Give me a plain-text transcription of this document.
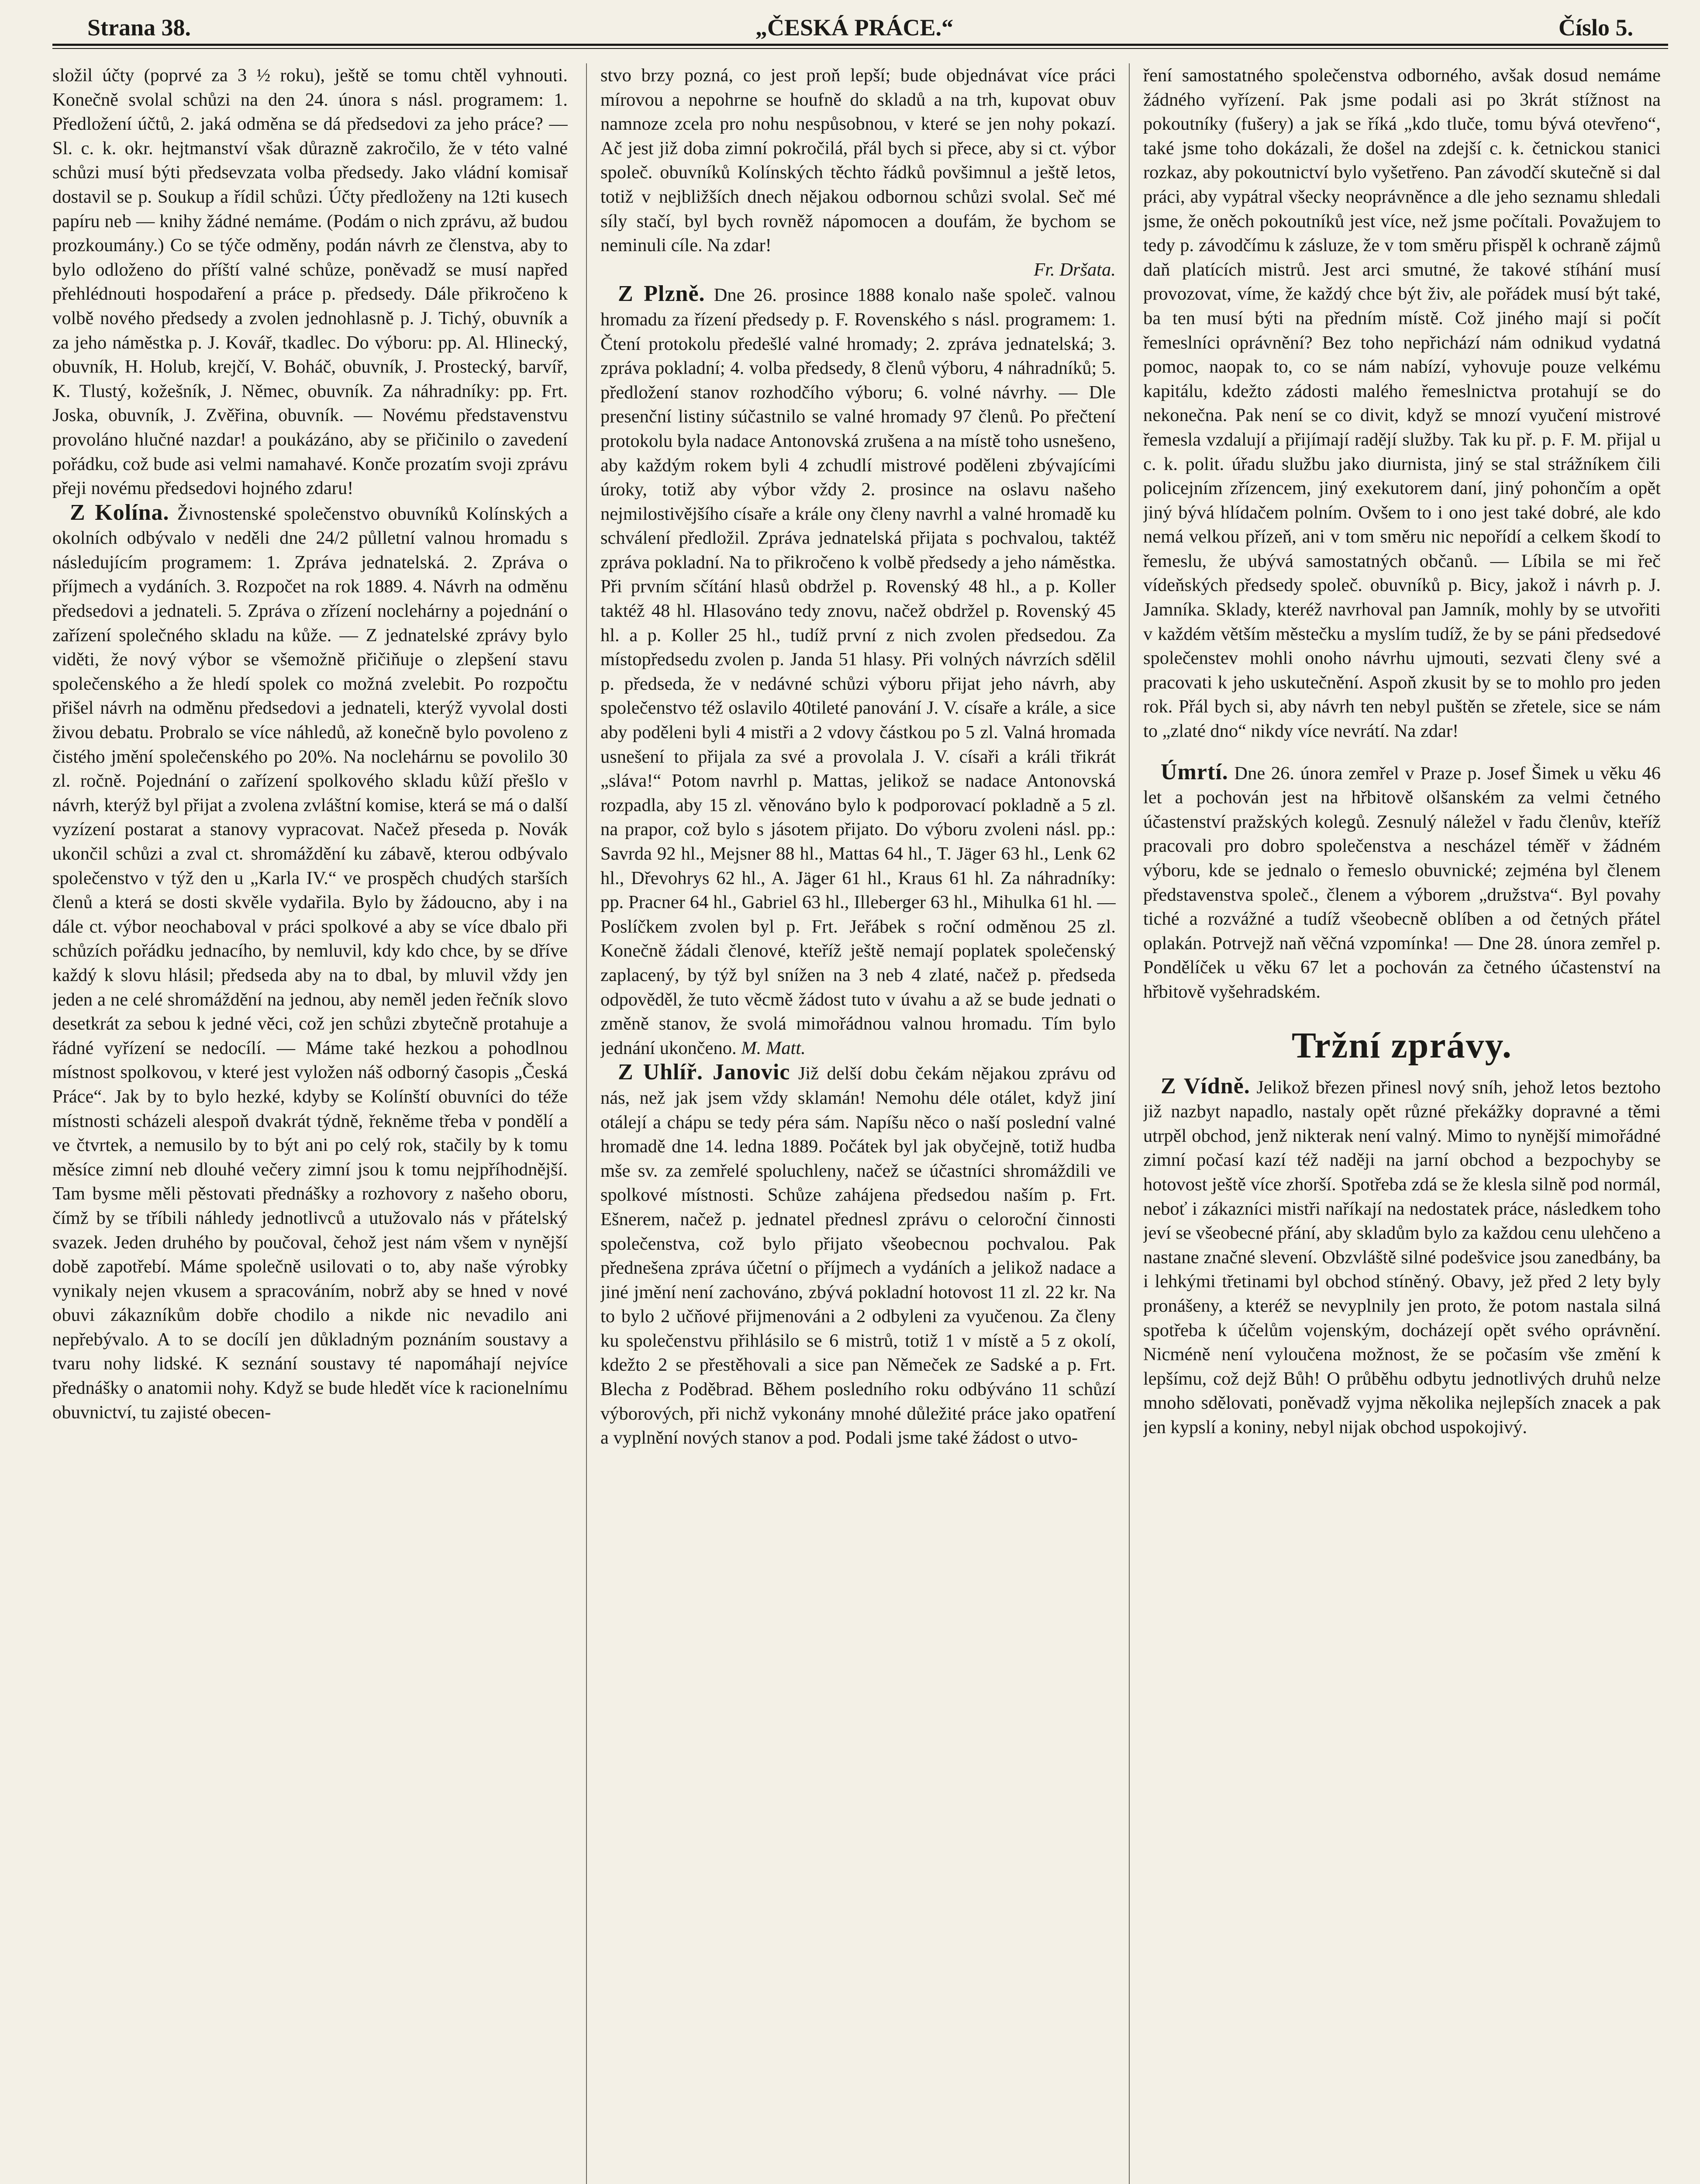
Strana 38.	„ČESKÁ PRÁCE.“	Číslo 5.

složil účty (poprvé za 3 ½ roku), ještě se tomu chtěl vyhnouti. Konečně svolal schůzi na den 24. února s násl. programem: 1. Předložení účtů, 2. jaká odměna se dá předsedovi za jeho práce? — Sl. c. k. okr. hejtmanství však důrazně zakročilo, že v této valné schůzi musí býti předsevzata volba předsedy. Jako vládní komisař dostavil se p. Soukup a řídil schůzi. Účty předloženy na 12ti kusech papíru neb — knihy žádné nemáme. (Podám o nich zprávu, až budou prozkoumány.) Co se týče odměny, podán návrh ze členstva, aby to bylo odloženo do příští valné schůze, poněvadž se musí napřed přehlédnouti hospodaření a práce p. předsedy. Dále přikročeno k volbě nového předsedy a zvolen jednohlasně p. J. Tichý, obuvník a za jeho náměstka p. J. Kovář, tkadlec. Do výboru: pp. Al. Hlinecký, obuvník, H. Holub, krejčí, V. Boháč, obuvník, J. Prostecký, barvíř, K. Tlustý, kožešník, J. Němec, obuvník. Za náhradníky: pp. Frt. Joska, obuvník, J. Zvěřina, obuvník. — Novému představenstvu provoláno hlučné nazdar! a poukázáno, aby se přičinilo o zavedení pořádku, což bude asi velmi namahavé. Konče prozatím svoji zprávu přeji novému předsedovi hojného zdaru!

Z Kolína. Živnostenské společenstvo obuvníků Kolínských a okolních odbývalo v neděli dne 24/2 půlletní valnou hromadu s následujícím programem: 1. Zpráva jednatelská. 2. Zpráva o příjmech a vydáních. 3. Rozpočet na rok 1889. 4. Návrh na odměnu předsedovi a jednateli. 5. Zpráva o zřízení noclehárny a pojednání o zařízení společného skladu na kůže. — Z jednatelské zprávy bylo viděti, že nový výbor se všemožně přičiňuje o zlepšení stavu společenského a že hledí spolek co možná zvelebit. Po rozpočtu přišel návrh na odměnu předsedovi a jednateli, kterýž vyvolal dosti živou debatu. Probralo se více náhledů, až konečně bylo povoleno z čistého jmění společenského po 20%. Na noclehárnu se povolilo 30 zl. ročně. Pojednání o zařízení spolkového skladu kůží přešlo v návrh, kterýž byl přijat a zvolena zvláštní komise, která se má o další vyzízení postarat a stanovy vypracovat. Načež přeseda p. Novák ukončil schůzi a zval ct. shromáždění ku zábavě, kterou odbývalo společenstvo v týž den u „Karla IV.“ ve prospěch chudých starších členů a která se dosti skvěle vydařila. Bylo by žádoucno, aby i na dále ct. výbor neochaboval v práci spolkové a aby se více dbalo při schůzích pořádku jednacího, by nemluvil, kdy kdo chce, by se dříve každý k slovu hlásil; předseda aby na to dbal, by mluvil vždy jen jeden a ne celé shromáždění na jednou, aby neměl jeden řečník slovo desetkrát za sebou k jedné věci, což jen schůzi zbytečně protahuje a řádné vyřízení se nedocílí. — Máme také hezkou a pohodlnou místnost spolkovou, v které jest vyložen náš odborný časopis „Česká Práce“. Jak by to bylo hezké, kdyby se Kolínští obuvníci do téže místnosti scházeli alespoň dvakrát týdně, řekněme třeba v pondělí a ve čtvrtek, a nemusilo by to být ani po celý rok, stačily by k tomu měsíce zimní neb dlouhé večery zimní jsou k tomu nejpříhodnější. Tam bysme měli pěstovati přednášky a rozhovory z našeho oboru, čímž by se tříbili náhledy jednotlivců a utužovalo nás v přátelský svazek. Jeden druhého by poučoval, čehož jest nám všem v nynější době zapotřebí. Máme společně usilovati o to, aby naše výrobky vynikaly nejen vkusem a spracováním, nobrž aby se hned v nové obuvi zákazníkům dobře chodilo a nikde nic nevadilo ani nepřebývalo. A to se docílí jen důkladným poznáním soustavy a tvaru nohy lidské. K seznání soustavy té napomáhají nejvíce přednášky o anatomii nohy. Když se bude hledět více k racionelnímu obuvnictví, tu zajisté obecen-

stvo brzy pozná, co jest proň lepší; bude objednávat více práci mírovou a nepohrne se houfně do skladů a na trh, kupovat obuv namnoze zcela pro nohu nespůsobnou, v které se jen nohy pokazí. Ač jest již doba zimní pokročilá, přál bych si přece, aby si ct. výbor společ. obuvníků Kolínských těchto řádků povšimnul a ještě letos, totiž v nejbližších dnech nějakou odbornou schůzi svolal. Seč mé síly stačí, byl bych rovněž nápomocen a doufám, že bychom se neminuli cíle. Na zdar!

Fr. Dršata.

Z Plzně. Dne 26. prosince 1888 konalo naše společ. valnou hromadu za řízení předsedy p. F. Rovenského s násl. programem: 1. Čtení protokolu předešlé valné hromady; 2. zpráva jednatelská; 3. zpráva pokladní; 4. volba předsedy, 8 členů výboru, 4 náhradníků; 5. předložení stanov rozhodčího výboru; 6. volné návrhy. — Dle presenční listiny súčastnilo se valné hromady 97 členů. Po přečtení protokolu byla nadace Antonovská zrušena a na místě toho usnešeno, aby každým rokem byli 4 zchudlí mistrové poděleni zbývajícími úroky, totiž aby výbor vždy 2. prosince na oslavu našeho nejmilostivějšího císaře a krále ony členy navrhl a valné hromadě ku schválení předložil. Zpráva jednatelská přijata s pochvalou, taktéž zpráva pokladní. Na to přikročeno k volbě předsedy a jeho náměstka. Při prvním sčítání hlasů obdržel p. Rovenský 48 hl., a p. Koller taktéž 48 hl. Hlasováno tedy znovu, načež obdržel p. Rovenský 45 hl. a p. Koller 25 hl., tudíž první z nich zvolen předsedou. Za místopředsedu zvolen p. Janda 51 hlasy. Při volných návrzích sdělil p. předseda, že v nedávné schůzi výboru přijat jeho návrh, aby společenstvo též oslavilo 40tileté panování J. V. císaře a krále, a sice aby poděleni byli 4 mistři a 2 vdovy částkou po 5 zl. Valná hromada usnešení to přijala za své a provolala J. V. císaři a králi třikrát „sláva!“ Potom navrhl p. Mattas, jelikož se nadace Antonovská rozpadla, aby 15 zl. věnováno bylo k podporovací pokladně a 5 zl. na prapor, což bylo s jásotem přijato. Do výboru zvoleni násl. pp.: Savrda 92 hl., Mejsner 88 hl., Mattas 64 hl., T. Jäger 63 hl., Lenk 62 hl., Dřevohrys 62 hl., A. Jäger 61 hl., Kraus 61 hl. Za náhradníky: pp. Pracner 64 hl., Gabriel 63 hl., Illeberger 63 hl., Mihulka 61 hl. — Poslíčkem zvolen byl p. Frt. Jeřábek s roční odměnou 25 zl. Konečně žádali členové, kteříž ještě nemají poplatek společenský zaplacený, by týž byl snížen na 3 neb 4 zlaté, načež p. předseda odpověděl, že tuto věcmě žádost tuto v úvahu a až se bude jednati o změně stanov, že svolá mimořádnou valnou hromadu. Tím bylo jednání ukončeno. M. Matt.

Z Uhlíř. Janovic Již delší dobu čekám nějakou zprávu od nás, než jak jsem vždy sklamán! Nemohu déle otálet, když jiní otálejí a chápu se tedy péra sám. Napíšu něco o naší poslední valné hromadě dne 14. ledna 1889. Počátek byl jak obyčejně, totiž hudba mše sv. za zemřelé spoluchleny, načež se účastníci shromáždili ve spolkové místnosti. Schůze zahájena předsedou naším p. Frt. Ešnerem, načež p. jednatel přednesl zprávu o celoroční činnosti společenstva, což bylo přijato všeobecnou pochvalou. Pak přednešena zpráva účetní o příjmech a vydáních a jelikož nadace a jiné jmění není zachováno, zbývá pokladní hotovost 11 zl. 22 kr. Na to bylo 2 učňové přijmenováni a 2 odbyleni za vyučenou. Za členy ku společenstvu přihlásilo se 6 mistrů, totiž 1 v místě a 5 z okolí, kdežto 2 se přestěhovali a sice pan Němeček ze Sadské a p. Frt. Blecha z Poděbrad. Během posledního roku odbýváno 11 schůzí výborových, při nichž vykonány mnohé důležité práce jako opatření a vyplnění nových stanov a pod. Podali jsme také žádost o utvo-

ření samostatného společenstva odborného, avšak dosud nemáme žádného vyřízení. Pak jsme podali asi po 3krát stížnost na pokoutníky (fušery) a jak se říká „kdo tluče, tomu bývá otevřeno“, také jsme toho dokázali, že došel na zdejší c. k. četnickou stanici rozkaz, aby pokoutnictví bylo vyšetřeno. Pan závodčí skutečně si dal práci, aby vypátral všecky neoprávněnce a dle jeho seznamu shledali jsme, že oněch pokoutníků jest více, než jsme počítali. Považujem to tedy p. závodčímu k zásluze, že v tom směru přispěl k ochraně zájmů daň platících mistrů. Jest arci smutné, že takové stíhání musí provozovat, víme, že každý chce být živ, ale pořádek musí být také, ba ten musí býti na předním místě. Což jiného mají si počít řemeslníci oprávnění? Bez toho nepřichází nám odnikud vydatná pomoc, naopak to, co se nám nabízí, vyhovuje pouze velkému kapitálu, kdežto zádosti malého řemeslnictva protahují se do nekonečna. Pak není se co divit, když se mnozí vyučení mistrové řemesla vzdalují a přijímají radějí služby. Tak ku př. p. F. M. přijal u c. k. polit. úřadu službu jako diurnista, jiný se stal strážníkem čili policejním zřízencem, jiný exekutorem daní, jiný pohončím a opět jiný bývá hlídačem polním. Ovšem to i ono jest také dobré, ale kdo nemá velkou přízeň, ani v tom směru nic nepořídí a celkem škodí to řemeslu, že ubývá samostatných občanů. — Líbila se mi řeč vídeňských předsedy společ. obuvníků p. Bicy, jakož i návrh p. J. Jamníka. Sklady, kteréž navrhoval pan Jamník, mohly by se utvořiti v každém větším městečku a myslím tudíž, že by se páni předsedové společenstev mohli onoho návrhu ujmouti, sezvati členy své a pracovati k jeho uskutečnění. Aspoň zkusit by se to mohlo pro jeden rok. Přál bych si, aby návrh ten nebyl puštěn se zřetele, sice se nám to „zlaté dno“ nikdy více nevrátí. Na zdar!

Úmrtí. Dne 26. února zemřel v Praze p. Josef Šimek u věku 46 let a pochován jest na hřbitově olšanském za velmi četného účastenství pražských kolegů. Zesnulý náležel v řadu členův, kteříž pracovali pro dobro společenstva a nescházel téměř v žádném výboru, kde se jednalo o řemeslo obuvnické; zejména byl členem představenstva společ., členem a výborem „družstva“. Byl povahy tiché a rozvážné a tudíž všeobecně oblíben a od četných přátel oplakán. Potrvejž naň věčná vzpomínka! — Dne 28. února zemřel p. Pondělíček u věku 67 let a pochován za četného účastenství na hřbitově vyšehradském.

Tržní zprávy.

Z Vídně. Jelikož březen přinesl nový sníh, jehož letos beztoho již nazbyt napadlo, nastaly opět různé překážky dopravné a těmi utrpěl obchod, jenž nikterak není valný. Mimo to nynější mimořádné zimní počasí kazí též naději na jarní obchod a bezpochyby se hotovost ještě více zhorší. Spotřeba zdá se že klesla silně pod normál, neboť i zákazníci mistři naříkají na nedostatek práce, následkem toho jeví se všeobecné přání, aby skladům bylo za každou cenu ulehčeno a nastane značné slevení. Obzvláště silné podešvice jsou zanedbány, ba i lehkými třetinami byl obchod stíněný. Obavy, jež před 2 lety byly pronášeny, a kteréž se nevyplnily jen proto, že potom nastala silná spotřeba k účelům vojenským, docházejí opět svého oprávnění. Nicméně není vyloučena možnost, že se počasím vše změní k lepšímu, což dejž Bůh! O průběhu odbytu jednotlivých druhů nelze mnoho sdělovati, poněvadž vyjma několika nejlepších znacek a pak jen kypslí a koniny, nebyl nijak obchod uspokojivý.
